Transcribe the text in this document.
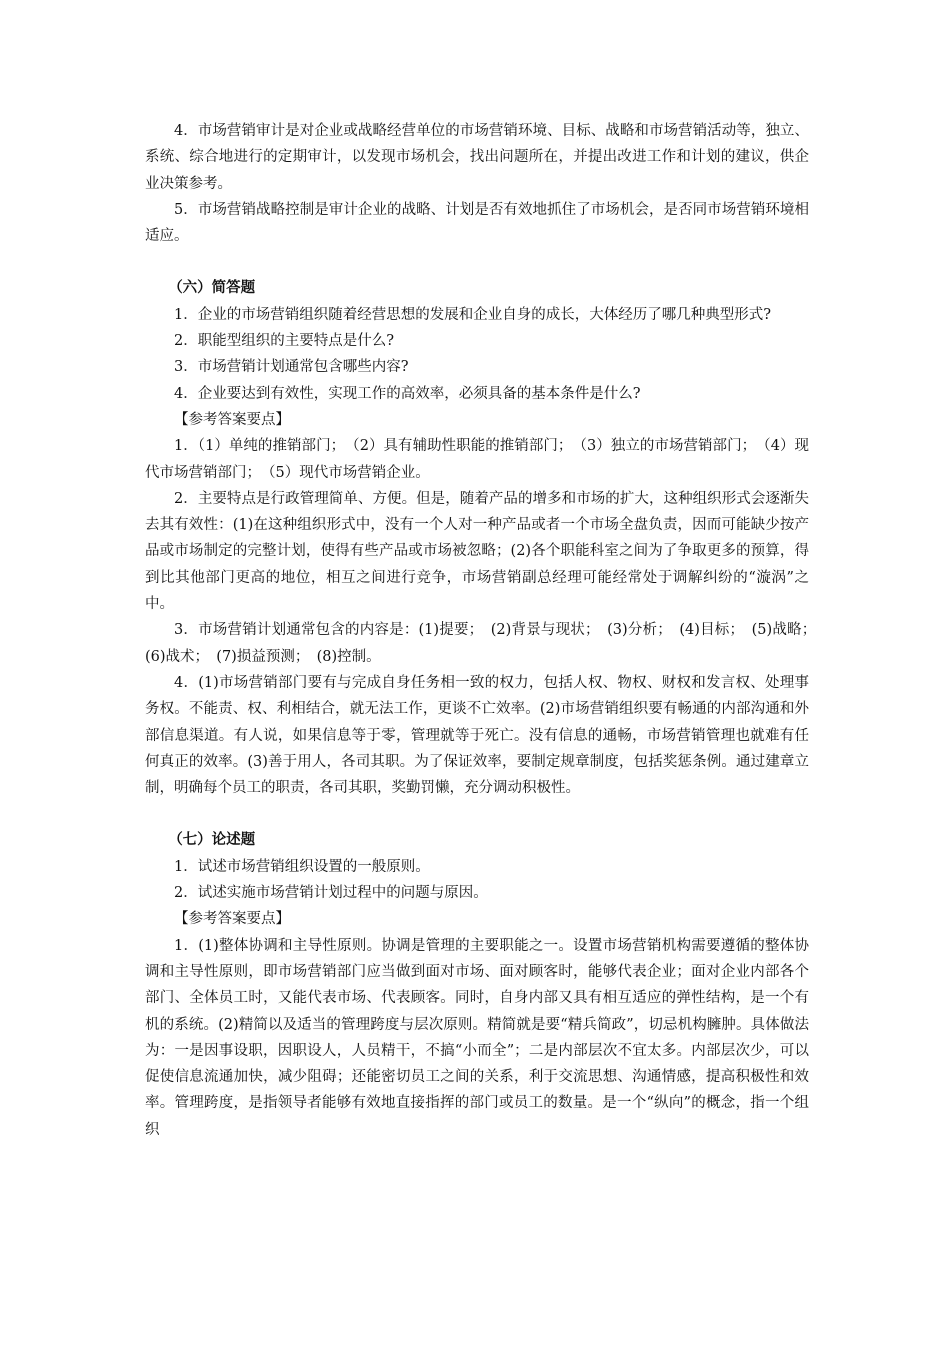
4．市场营销审计是对企业或战略经营单位的市场营销环境、目标、战略和市场营销活动等，独立、系统、综合地进行的定期审计，以发现市场机会，找出问题所在，并提出改进工作和计划的建议，供企业决策参考。

5．市场营销战略控制是审计企业的战略、计划是否有效地抓住了市场机会，是否同市场营销环境相适应。

（六）简答题

1．企业的市场营销组织随着经营思想的发展和企业自身的成长，大体经历了哪几种典型形式?

2．职能型组织的主要特点是什么?

3．市场营销计划通常包含哪些内容?

4．企业要达到有效性，实现工作的高效率，必须具备的基本条件是什么?

【参考答案要点】

1．（1）单纯的推销部门；　（2）具有辅助性职能的推销部门；　（3）独立的市场营销部门；　（4）现代市场营销部门；　（5）现代市场营销企业。

2．主要特点是行政管理简单、方便。但是，随着产品的增多和市场的扩大，这种组织形式会逐渐失去其有效性：(1)在这种组织形式中，没有一个人对一种产品或者一个市场全盘负责，因而可能缺少按产品或市场制定的完整计划，使得有些产品或市场被忽略；(2)各个职能科室之间为了争取更多的预算，得到比其他部门更高的地位，相互之间进行竞争，市场营销副总经理可能经常处于调解纠纷的“漩涡”之中。

3．市场营销计划通常包含的内容是：(1)提要；　(2)背景与现状；　(3)分析；　(4)目标；　(5)战略；　(6)战术；　(7)损益预测；　(8)控制。

4．(1)市场营销部门要有与完成自身任务相一致的权力，包括人权、物权、财权和发言权、处理事务权。不能责、权、利相结合，就无法工作，更谈不亡效率。(2)市场营销组织要有畅通的内部沟通和外部信息渠道。有人说，如果信息等于零，管理就等于死亡。没有信息的通畅，市场营销管理也就难有任何真正的效率。(3)善于用人，各司其职。为了保证效率，要制定规章制度，包括奖惩条例。通过建章立制，明确每个员工的职责，各司其职，奖勤罚懒，充分调动积极性。

（七）论述题

1．试述市场营销组织设置的一般原则。

2．试述实施市场营销计划过程中的问题与原因。

【参考答案要点】

1．(1)整体协调和主导性原则。协调是管理的主要职能之一。设置市场营销机构需要遵循的整体协调和主导性原则，即市场营销部门应当做到面对市场、面对顾客时，能够代表企业；面对企业内部各个部门、全体员工时，又能代表市场、代表顾客。同时，自身内部又具有相互适应的弹性结构，是一个有机的系统。(2)精简以及适当的管理跨度与层次原则。精简就是要“精兵简政”，切忌机构臃肿。具体做法为：一是因事设职，因职设人，人员精干，不搞“小而全”；二是内部层次不宜太多。内部层次少，可以促使信息流通加快，减少阻碍；还能密切员工之间的关系，利于交流思想、沟通情感，提高积极性和效率。管理跨度，是指领导者能够有效地直接指挥的部门或员工的数量。是一个“纵向”的概念，指一个组织
